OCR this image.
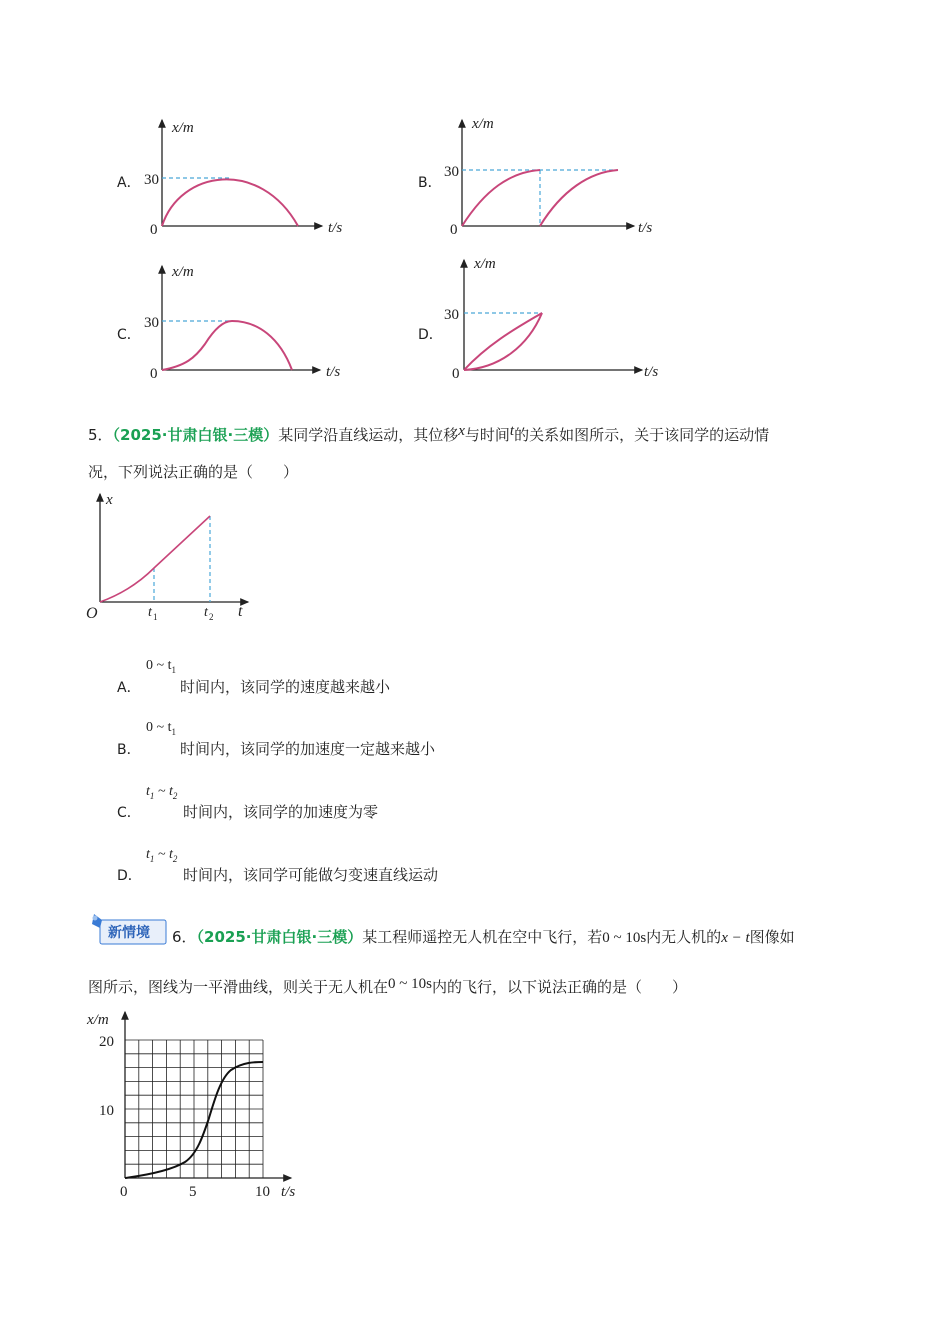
A．
x/m
t/s
30
0
B．
x/m
t/s
30
0
C．
x/m
t/s
30
0
D．
x/m
t/s
30
0
5．（2025·甘肃白银·三模）某同学沿直线运动，其位移x与时间t的关系如图所示，关于该同学的运动情
况，下列说法正确的是（　　）
x
t
O	t 1	t 2
A．
0 ~ $t_1$
时间内，该同学的速度越来越小
B．
0 ~ $t_1$
时间内，该同学的加速度一定越来越小
C．
$t_1$ ~ $t_2$
时间内，该同学的加速度为零
D．
$t_1$ ~ $t_2$
时间内，该同学可能做匀变速直线运动
新情境 6．（2025·甘肃白银·三模）某工程师遥控无人机在空中飞行，若0 ~ 10s内无人机的x − t图像如
图所示，图线为一平滑曲线，则关于无人机在0 ~ 10s内的飞行，以下说法正确的是（　　）
x/m
t/s
20
10
0	5	10
